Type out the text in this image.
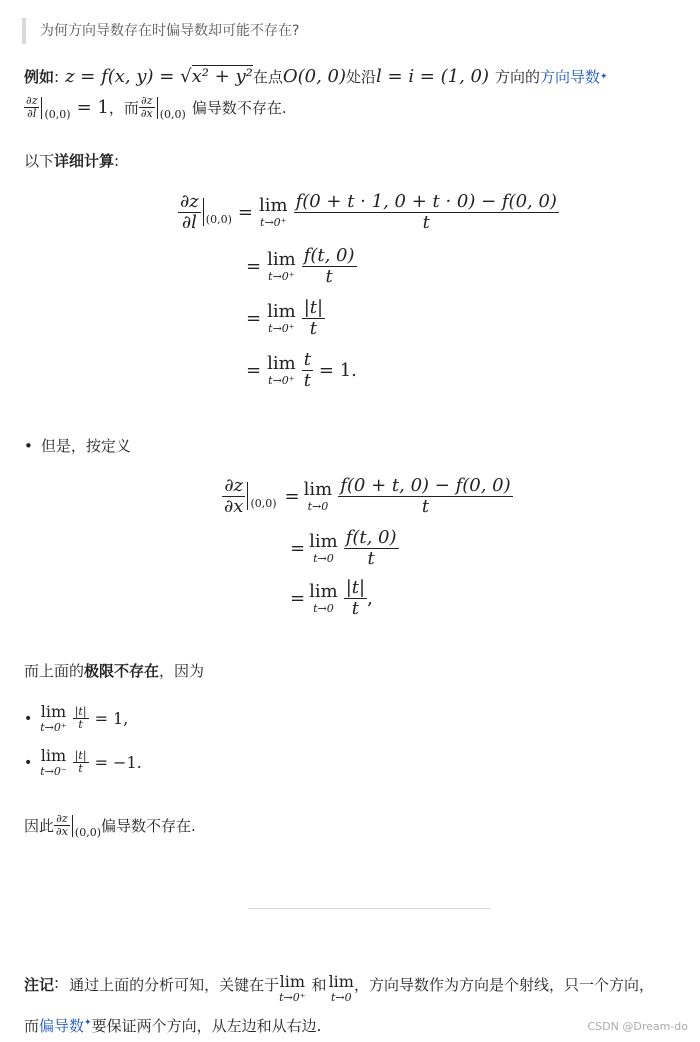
为何方向导数存在时偏导数却可能不存在?
例如 : z = f(x, y) = √x² + y² 在点 O(0, 0) 处沿 l = i = (1, 0) 方向的 方向导数 ✦
$\frac{\partial z}{\partial l} (0,0) = 1$ ，而 $\frac{\partial z}{\partial x} (0,0)$ 偏导数不存在.
以下详细计算:
$\frac{\partial z}{\partial l} (0,0) = \lim$
$t\to 0^+ \frac{f(0 + t \cdot 1, 0 + t \cdot 0) - f(0, 0)}{t}$
= lim
$t\to 0^+ \frac{f(t, 0)}{t}$
= lim
$t\to 0^+ \frac{|t|}{t}$
= lim
$t\to 0^+ \frac{t}{t} = 1$.
• 但是，按定义
$\frac{\partial z}{\partial x} (0,0) = \lim$
$t\to 0 \frac{f(0 + t, 0) - f(0, 0)}{t}$
= lim
$t\to 0 \frac{f(t, 0)}{t}$
= lim
$t\to 0 \frac{|t|}{t}$ ,
而上面的极限不存在，因为
• lim
$t\to 0^+ \frac{|t|}{t} = 1$,
• lim
$t\to 0^- \frac{|t|}{t} = -1$.
因此 $\frac{\partial z}{\partial x} (0,0)$ 偏导数不存在.
注记 : 通过上面的分析可知，关键在于 lim
t→0⁺
和 lim
t→0
，方向导数作为方向是个射线，只一个方向，
而偏导数✦要保证两个方向，从左边和从右边.	CSDN @Dream-do
